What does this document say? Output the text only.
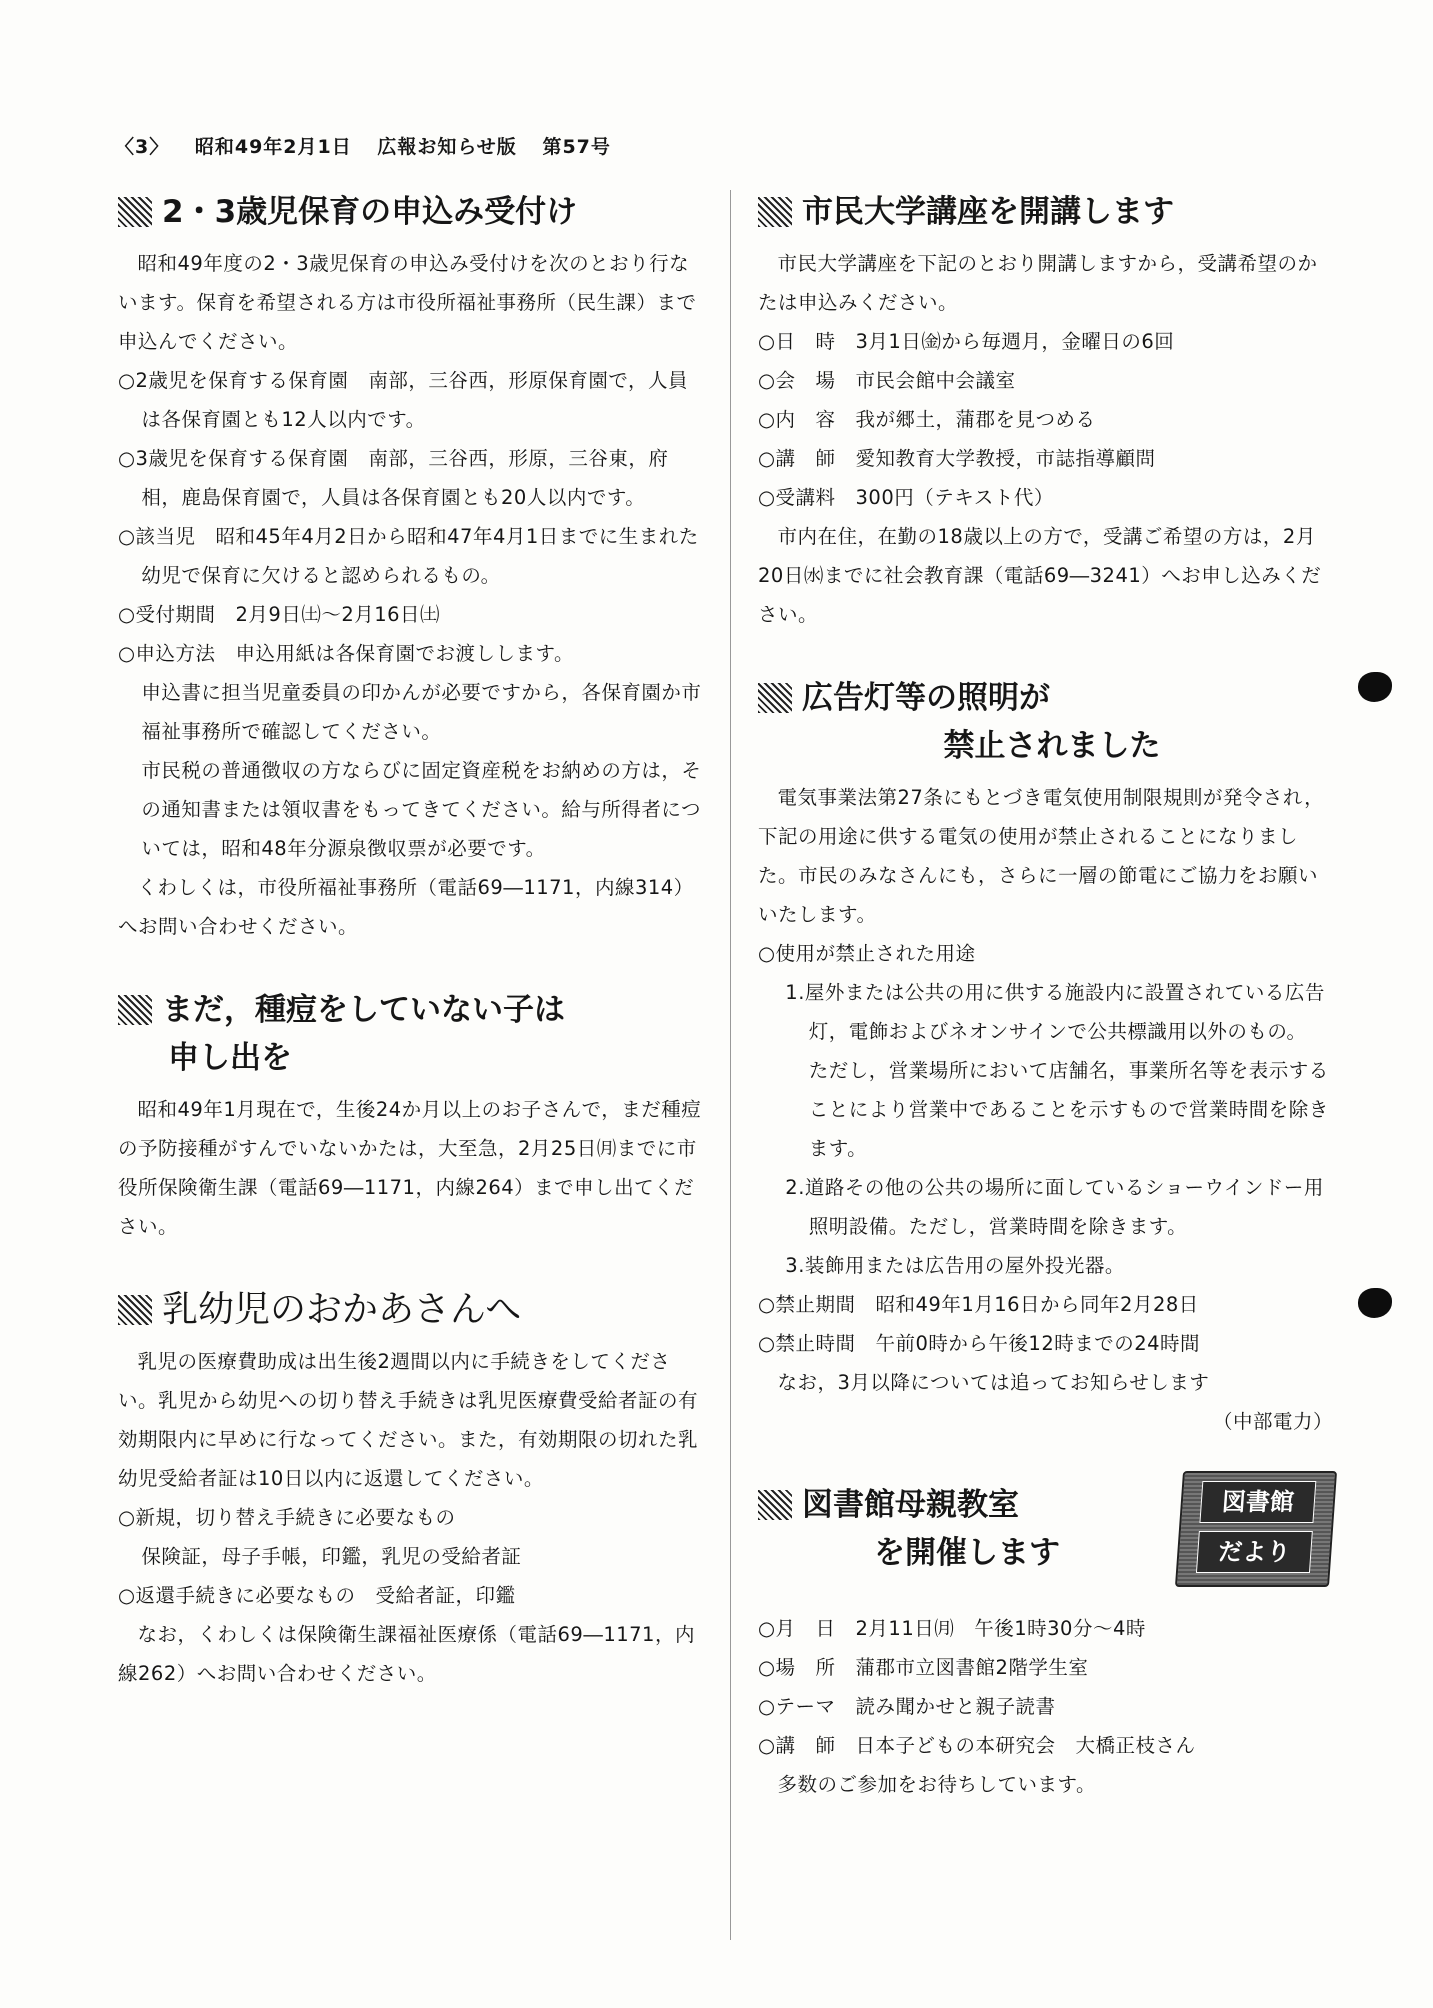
〈3〉 昭和49年2月1日 広報お知らせ版 第57号
2・3歳児保育の申込み受付け

昭和49年度の2・3歳児保育の申込み受付けを次のとおり行ないます。保育を希望される方は市役所福祉事務所（民生課）まで申込んでください。

○2歳児を保育する保育園　南部，三谷西，形原保育園で，人員は各保育園とも12人以内です。

○3歳児を保育する保育園　南部，三谷西，形原，三谷東，府相，鹿島保育園で，人員は各保育園とも20人以内です。

○該当児　昭和45年4月2日から昭和47年4月1日までに生まれた幼児で保育に欠けると認められるもの。

○受付期間　2月9日㈯～2月16日㈯

○申込方法　申込用紙は各保育園でお渡しします。

申込書に担当児童委員の印かんが必要ですから，各保育園か市福祉事務所で確認してください。

市民税の普通徴収の方ならびに固定資産税をお納めの方は，その通知書または領収書をもってきてください。給与所得者については，昭和48年分源泉徴収票が必要です。

くわしくは，市役所福祉事務所（電話69―1171，内線314）へお問い合わせください。

まだ，種痘をしていない子は
申し出を

昭和49年1月現在で，生後24か月以上のお子さんで，まだ種痘の予防接種がすんでいないかたは，大至急，2月25日㈪までに市役所保険衛生課（電話69―1171，内線264）まで申し出てください。

乳幼児のおかあさんへ

乳児の医療費助成は出生後2週間以内に手続きをしてください。乳児から幼児への切り替え手続きは乳児医療費受給者証の有効期限内に早めに行なってください。また，有効期限の切れた乳幼児受給者証は10日以内に返還してください。

○新規，切り替え手続きに必要なもの

保険証，母子手帳，印鑑，乳児の受給者証

○返還手続きに必要なもの　受給者証，印鑑

なお，くわしくは保険衛生課福祉医療係（電話69―1171，内線262）へお問い合わせください。

市民大学講座を開講します

市民大学講座を下記のとおり開講しますから，受講希望のかたは申込みください。

○日　時　3月1日㈮から毎週月，金曜日の6回

○会　場　市民会館中会議室

○内　容　我が郷土，蒲郡を見つめる

○講　師　愛知教育大学教授，市誌指導顧問

○受講料　300円（テキスト代）

市内在住，在勤の18歳以上の方で，受講ご希望の方は，2月20日㈬までに社会教育課（電話69―3241）へお申し込みください。

広告灯等の照明が
禁止されました

電気事業法第27条にもとづき電気使用制限規則が発令され，下記の用途に供する電気の使用が禁止されることになりました。市民のみなさんにも，さらに一層の節電にご協力をお願いいたします。

○使用が禁止された用途

1.屋外または公共の用に供する施設内に設置されている広告灯，電飾およびネオンサインで公共標識用以外のもの。

ただし，営業場所において店舗名，事業所名等を表示することにより営業中であることを示すもので営業時間を除きます。

2.道路その他の公共の場所に面しているショーウインドー用照明設備。ただし，営業時間を除きます。

3.装飾用または広告用の屋外投光器。

○禁止期間　昭和49年1月16日から同年2月28日

○禁止時間　午前0時から午後12時までの24時間

なお，3月以降については追ってお知らせします

（中部電力）

図書館
だより
図書館母親教室
を開催します

○月　日　2月11日㈪　午後1時30分～4時

○場　所　蒲郡市立図書館2階学生室

○テーマ　読み聞かせと親子読書

○講　師　日本子どもの本研究会　大橋正枝さん

多数のご参加をお待ちしています。
